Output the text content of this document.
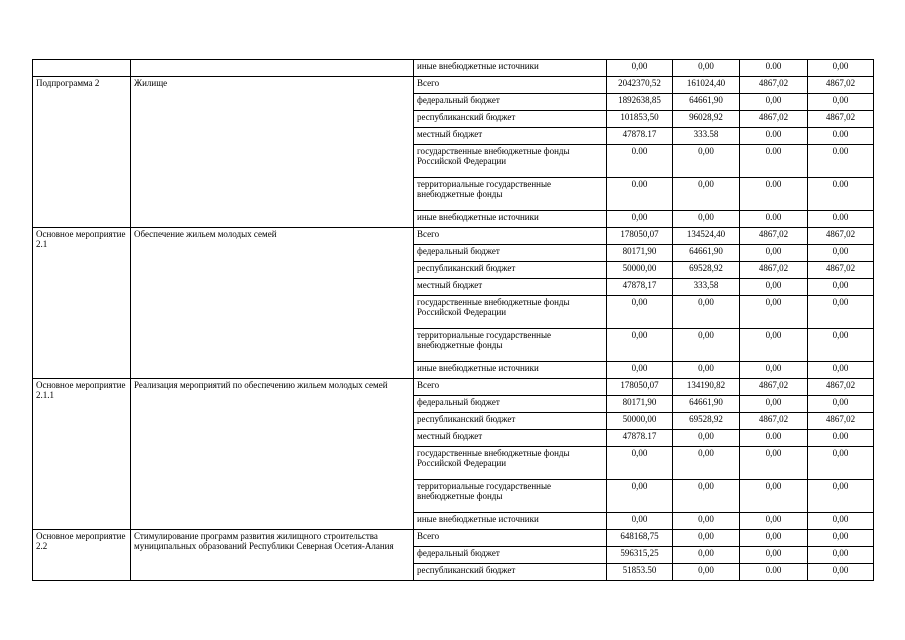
		иные внебюджетные источники	0,00	0,00	0.00	0,00
Подпрограмма 2	Жилище	Всего	2042370,52	161024,40	4867,02	4867,02
		федеральный бюджет	1892638,85	64661,90	0,00	0,00
		республиканский бюджет	101853,50	96028,92	4867,02	4867,02
		местный бюджет	47878.17	333.58	0.00	0.00
		государственные внебюджетные фонды Российской Федерации	0.00	0,00	0.00	0.00
		территориальные государственные внебюджетные фонды	0.00	0,00	0.00	0.00
		иные внебюджетные источники	0,00	0,00	0.00	0.00
Основное мероприятие 2.1	Обеспечение жильем молодых семей	Всего	178050,07	134524,40	4867,02	4867,02
		федеральный бюджет	80171,90	64661,90	0,00	0,00
		республиканский бюджет	50000,00	69528,92	4867,02	4867,02
		местный бюджет	47878,17	333,58	0,00	0,00
		государственные внебюджетные фонды Российской Федерации	0,00	0,00	0,00	0,00
		территориальные государственные внебюджетные фонды	0,00	0,00	0,00	0,00
		иные внебюджетные источники	0,00	0,00	0,00	0,00
Основное мероприятие 2.1.1	Реализация мероприятий по обеспечению жильем молодых семей	Всего	178050,07	134190,82	4867,02	4867,02
		федеральный бюджет	80171,90	64661,90	0,00	0,00
		республиканский бюджет	50000,00	69528,92	4867,02	4867,02
		местный бюджет	47878.17	0,00	0.00	0.00
		государственные внебюджетные фонды Российской Федерации	0,00	0,00	0,00	0,00
		территориальные государственные внебюджетные фонды	0,00	0,00	0,00	0,00
		иные внебюджетные источники	0,00	0,00	0,00	0,00
Основное мероприятие 2.2	Стимулирование программ развития жилищного строительства муниципальных образований Республики Северная Осетия-Алания	Всего	648168,75	0,00	0,00	0,00
		федеральный бюджет	596315,25	0,00	0,00	0,00
		республиканский бюджет	51853.50	0,00	0.00	0,00
